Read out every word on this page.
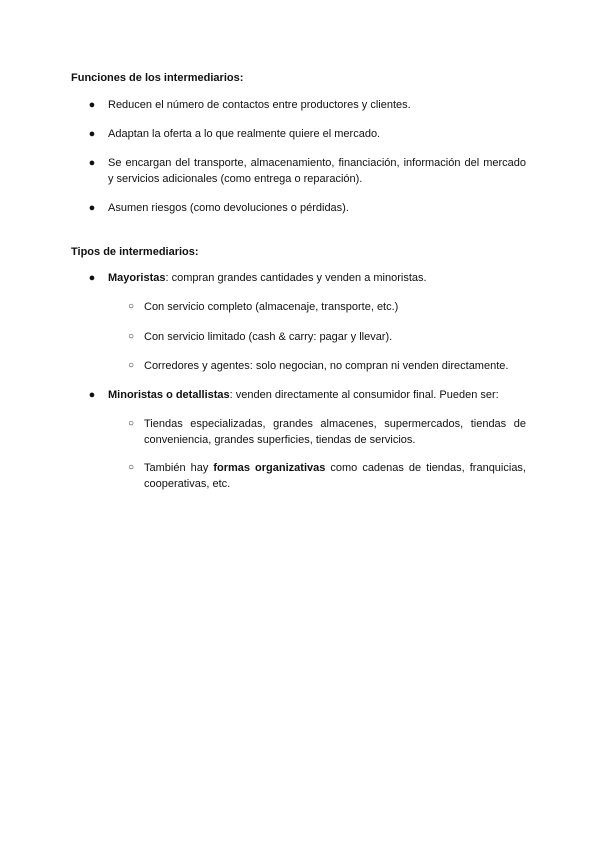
Funciones de los intermediarios:

● Reducen el número de contactos entre productores y clientes.

● Adaptan la oferta a lo que realmente quiere el mercado.

● Se encargan del transporte, almacenamiento, financiación, información del mercado y servicios adicionales (como entrega o reparación).

● Asumen riesgos (como devoluciones o pérdidas).

Tipos de intermediarios:

● Mayoristas: compran grandes cantidades y venden a minoristas.

○ Con servicio completo (almacenaje, transporte, etc.)

○ Con servicio limitado (cash & carry: pagar y llevar).

○ Corredores y agentes: solo negocian, no compran ni venden directamente.

● Minoristas o detallistas: venden directamente al consumidor final. Pueden ser:

○ Tiendas especializadas, grandes almacenes, supermercados, tiendas de conveniencia, grandes superficies, tiendas de servicios.

○ También hay formas organizativas como cadenas de tiendas, franquicias, cooperativas, etc.
